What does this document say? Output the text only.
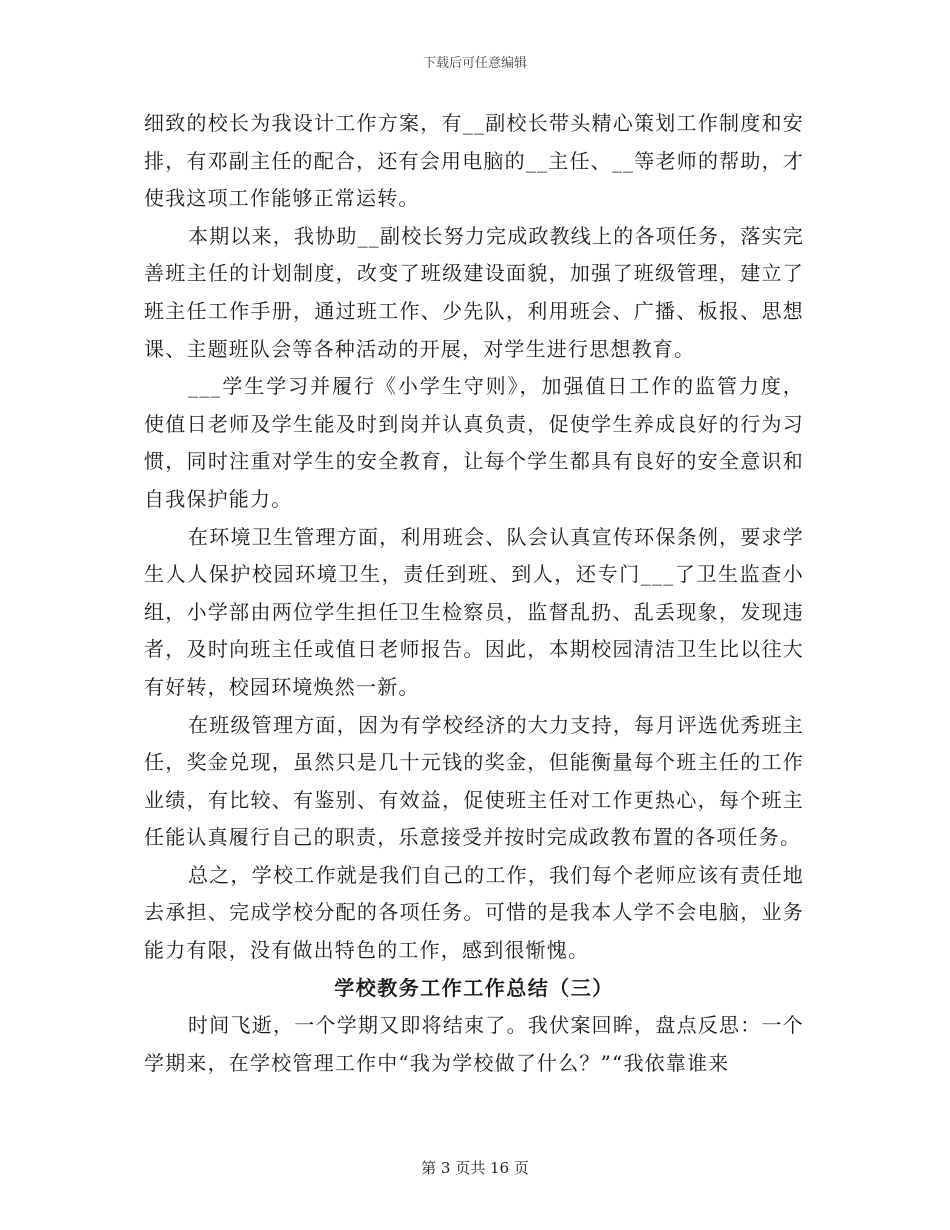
下载后可任意编辑

细致的校长为我设计工作方案，有__副校长带头精心策划工作制度和安排，有邓副主任的配合，还有会用电脑的__主任、__等老师的帮助，才使我这项工作能够正常运转。

本期以来，我协助__副校长努力完成政教线上的各项任务，落实完善班主任的计划制度，改变了班级建设面貌，加强了班级管理，建立了班主任工作手册，通过班工作、少先队，利用班会、广播、板报、思想课、主题班队会等各种活动的开展，对学生进行思想教育。

___学生学习并履行《小学生守则》，加强值日工作的监管力度，使值日老师及学生能及时到岗并认真负责，促使学生养成良好的行为习惯，同时注重对学生的安全教育，让每个学生都具有良好的安全意识和自我保护能力。

在环境卫生管理方面，利用班会、队会认真宣传环保条例，要求学生人人保护校园环境卫生，责任到班、到人，还专门___了卫生监查小组，小学部由两位学生担任卫生检察员，监督乱扔、乱丢现象，发现违者，及时向班主任或值日老师报告。因此，本期校园清洁卫生比以往大有好转，校园环境焕然一新。

在班级管理方面，因为有学校经济的大力支持，每月评选优秀班主任，奖金兑现，虽然只是几十元钱的奖金，但能衡量每个班主任的工作业绩，有比较、有鉴别、有效益，促使班主任对工作更热心，每个班主任能认真履行自己的职责，乐意接受并按时完成政教布置的各项任务。

总之，学校工作就是我们自己的工作，我们每个老师应该有责任地去承担、完成学校分配的各项任务。可惜的是我本人学不会电脑，业务能力有限，没有做出特色的工作，感到很惭愧。

学校教务工作工作总结（三）

时间飞逝，一个学期又即将结束了。我伏案回眸，盘点反思：一个学期来，在学校管理工作中“我为学校做了什么？”“我依靠谁来

第 3 页共 16 页
